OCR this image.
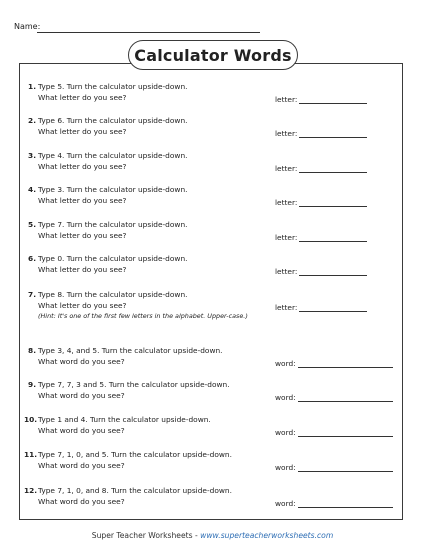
Name:
Calculator Words
1. Type 5. Turn the calculator upside-down.
What letter do you see?	letter:
2. Type 6. Turn the calculator upside-down.
What letter do you see?	letter:
3. Type 4. Turn the calculator upside-down.
What letter do you see?	letter:
4. Type 3. Turn the calculator upside-down.
What letter do you see?	letter:
5. Type 7. Turn the calculator upside-down.
What letter do you see?	letter:
6. Type 0. Turn the calculator upside-down.
What letter do you see?	letter:
7. Type 8. Turn the calculator upside-down.
What letter do you see?
(Hint: It's one of the first few letters in the alphabet. Upper-case.)
letter:
8. Type 3, 4, and 5. Turn the calculator upside-down.
What word do you see?	word:
9. Type 7, 7, 3 and 5. Turn the calculator upside-down.
What word do you see?	word:
10. Type 1 and 4. Turn the calculator upside-down.
What word do you see?	word:
11. Type 7, 1, 0, and 5. Turn the calculator upside-down.
What word do you see?	word:
12. Type 7, 1, 0, and 8. Turn the calculator upside-down.
What word do you see?	word:
Super Teacher Worksheets - www.superteacherworksheets.com
